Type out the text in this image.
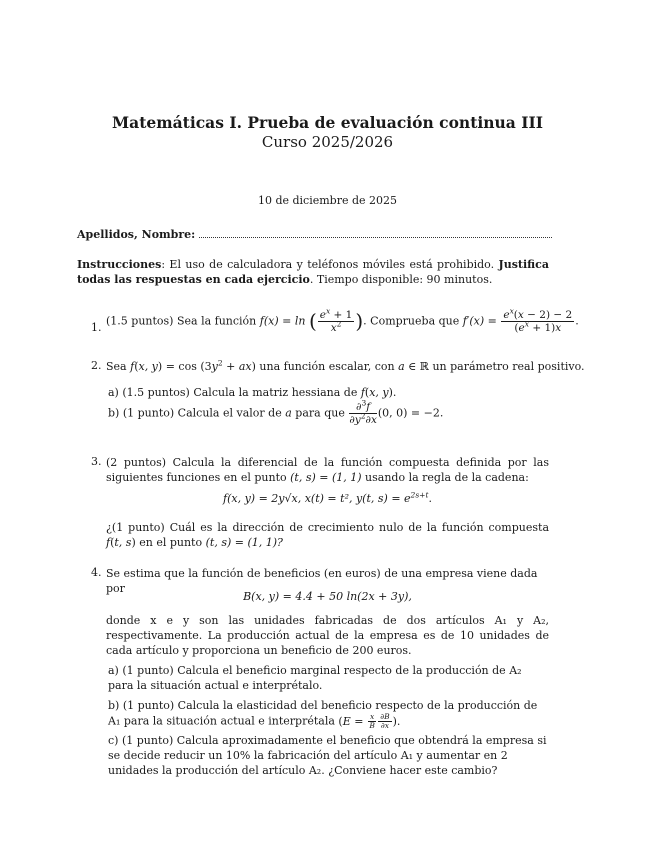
Matemáticas I. Prueba de evaluación continua III
Curso 2025/2026
10 de diciembre de 2025
Apellidos, Nombre:
Instrucciones: El uso de calculadora y teléfonos móviles está prohibido. Justifica todas las respuestas en cada ejercicio. Tiempo disponible: 90 minutos.
1. (1.5 puntos) Sea la función f(x) = ln ( $\frac{e^x + 1}{x^2}$ ). Comprueba que $f'(x) = \frac{e^x(x - 2) - 2}{(e^x + 1)x}$ .
2. Sea f(x, $y) = \cos (3y^2 + ax)$ una función escalar, con a ∈ ℝ un parámetro real positivo.
a) (1.5 puntos) Calcula la matriz hessiana de f(x, y).
b) (1 punto) Calcula el valor de a para que $\frac{\partial^3f}{\partial y^2\partial x} (0$, 0) = −2.
3. (2 puntos) Calcula la diferencial de la función compuesta definida por las siguientes funciones en el punto (t, s) = (1, 1) usando la regla de la cadena:
f(x, y) = 2y√x, x(t) = t², y(t, $s) = e^{2s+t}$.
¿(1 punto) Cuál es la dirección de crecimiento nulo de la función compuesta f(t, s) en el punto (t, s) = (1, 1)?
4. Se estima que la función de beneficios (en euros) de una empresa viene dada por
B(x, y) = 4.4 + 50 ln(2x + 3y),
donde x e y son las unidades fabricadas de dos artículos A₁ y A₂, respectivamente. La producción actual de la empresa es de 10 unidades de cada artículo y proporciona un beneficio de 200 euros.
a) (1 punto) Calcula el beneficio marginal respecto de la producción de A₂ para la situación actual e interprétalo.
b) (1 punto) Calcula la elasticidad del beneficio respecto de la producción de A₁ para la situación actual e interprétala ($E = \frac{x}{B} \frac{\partial B}{\partial x}$ ).
c) (1 punto) Calcula aproximadamente el beneficio que obtendrá la empresa si se decide reducir un 10% la fabricación del artículo A₁ y aumentar en 2 unidades la producción del artículo A₂. ¿Conviene hacer este cambio?
